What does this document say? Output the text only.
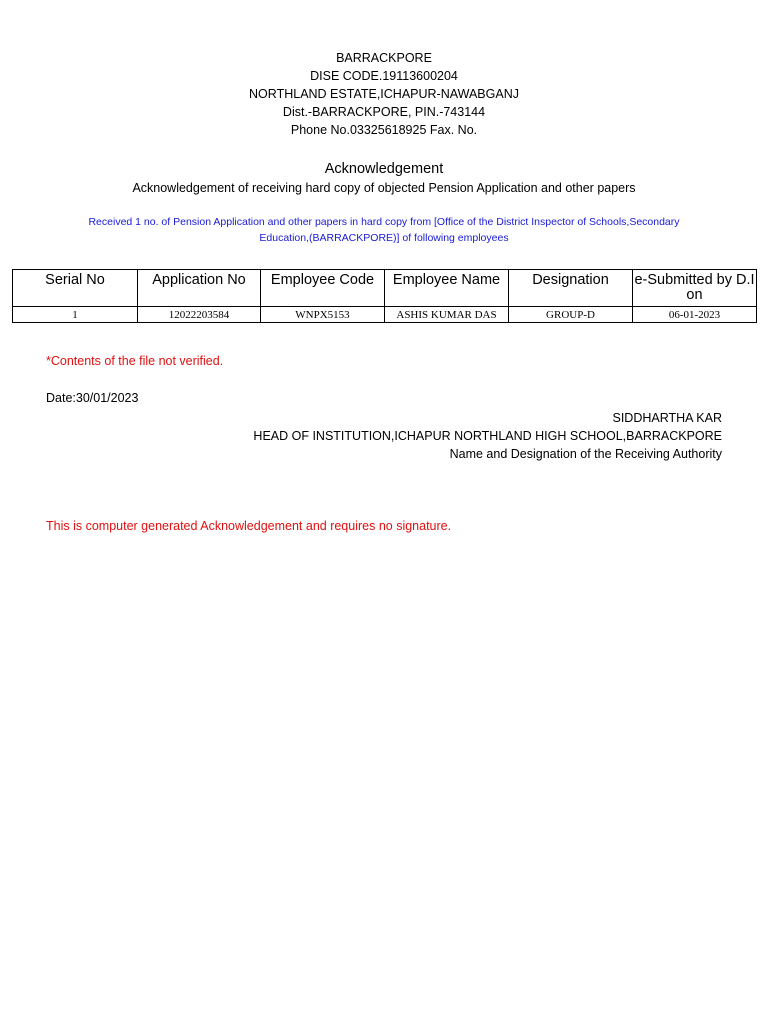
BARRACKPORE
DISE CODE.19113600204
NORTHLAND ESTATE,ICHAPUR-NAWABGANJ
Dist.-BARRACKPORE, PIN.-743144
Phone No.03325618925 Fax. No.
Acknowledgement
Acknowledgement of receiving hard copy of objected Pension Application and other papers
Received 1 no. of Pension Application and other papers in hard copy from [Office of the District Inspector of Schools,Secondary
Education,(BARRACKPORE)] of following employees
Serial No	Application No	Employee Code	Employee Name	Designation	e-Submitted by D.I on
1	12022203584	WNPX5153	ASHIS KUMAR DAS	GROUP-D	06-01-2023
*Contents of the file not verified.
Date:30/01/2023
SIDDHARTHA KAR
HEAD OF INSTITUTION,ICHAPUR NORTHLAND HIGH SCHOOL,BARRACKPORE
Name and Designation of the Receiving Authority
This is computer generated Acknowledgement and requires no signature.
